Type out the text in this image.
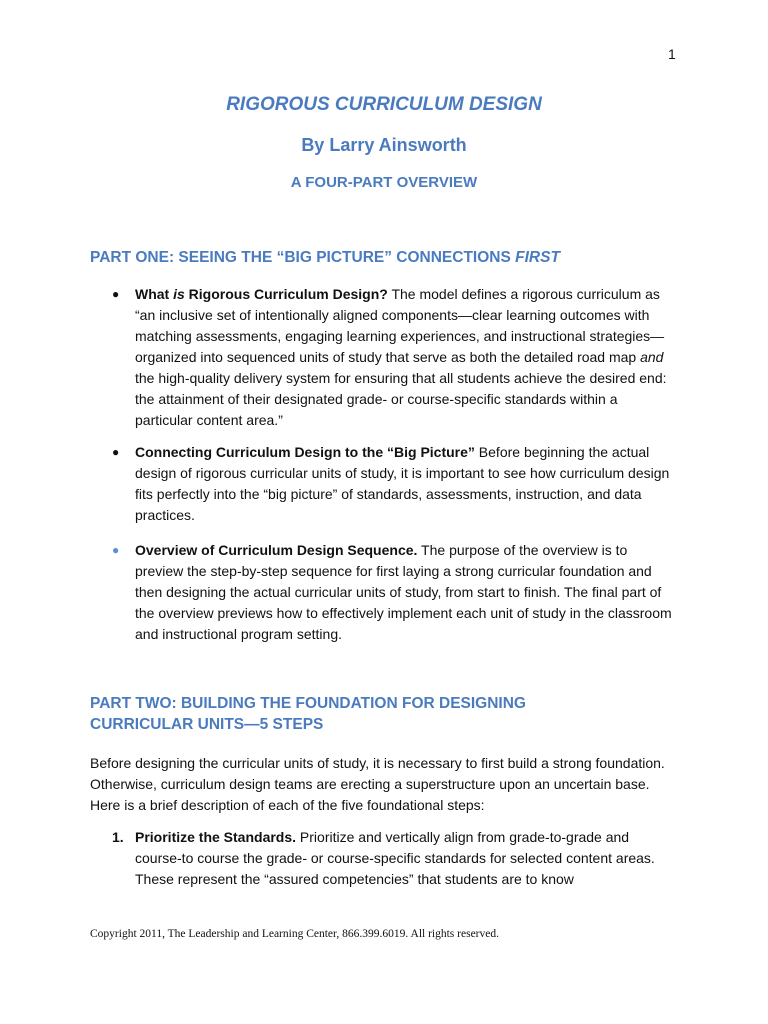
1
RIGOROUS CURRICULUM DESIGN
By Larry Ainsworth
A FOUR-PART OVERVIEW
PART ONE: SEEING THE “BIG PICTURE” CONNECTIONS FIRST
● What is Rigorous Curriculum Design? The model defines a rigorous curriculum as “an inclusive set of intentionally aligned components—clear learning outcomes with matching assessments, engaging learning experiences, and instructional strategies—organized into sequenced units of study that serve as both the detailed road map and the high-quality delivery system for ensuring that all students achieve the desired end: the attainment of their designated grade- or course-specific standards within a particular content area.”
● Connecting Curriculum Design to the “Big Picture” Before beginning the actual design of rigorous curricular units of study, it is important to see how curriculum design fits perfectly into the “big picture” of standards, assessments, instruction, and data practices.
● Overview of Curriculum Design Sequence. The purpose of the overview is to preview the step-by-step sequence for first laying a strong curricular foundation and then designing the actual curricular units of study, from start to finish. The final part of the overview previews how to effectively implement each unit of study in the classroom and instructional program setting.
PART TWO: BUILDING THE FOUNDATION FOR DESIGNING CURRICULAR UNITS—5 STEPS
Before designing the curricular units of study, it is necessary to first build a strong foundation. Otherwise, curriculum design teams are erecting a superstructure upon an uncertain base. Here is a brief description of each of the five foundational steps:
1. Prioritize the Standards. Prioritize and vertically align from grade-to-grade and course-to course the grade- or course-specific standards for selected content areas. These represent the “assured competencies” that students are to know
Copyright 2011, The Leadership and Learning Center, 866.399.6019. All rights reserved.
